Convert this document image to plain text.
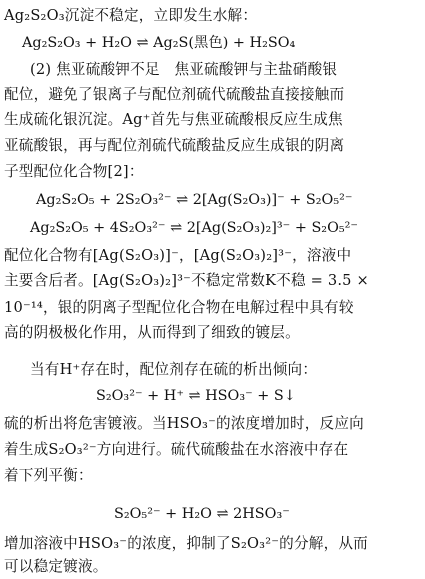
Ag₂S₂O₃沉淀不稳定，立即发生水解：
Ag₂S₂O₃ + H₂O ⇌ Ag₂S(黑色) + H₂SO₄
(2) 焦亚硫酸钾不足　焦亚硫酸钾与主盐硝酸银
配位，避免了银离子与配位剂硫代硫酸盐直接接触而
生成硫化银沉淀。Ag⁺首先与焦亚硫酸根反应生成焦
亚硫酸银，再与配位剂硫代硫酸盐反应生成银的阴离
子型配位化合物[2]：
Ag₂S₂O₅ + 2S₂O₃²⁻ ⇌ 2[Ag(S₂O₃)]⁻ + S₂O₅²⁻
Ag₂S₂O₅ + 4S₂O₃²⁻ ⇌ 2[Ag(S₂O₃)₂]³⁻ + S₂O₅²⁻
配位化合物有[Ag(S₂O₃)]⁻，[Ag(S₂O₃)₂]³⁻，溶液中
主要含后者。[Ag(S₂O₃)₂]³⁻不稳定常数K不稳 = 3.5 ×
10⁻¹⁴，银的阴离子型配位化合物在电解过程中具有较
高的阴极极化作用，从而得到了细致的镀层。
当有H⁺存在时，配位剂存在硫的析出倾向：
S₂O₃²⁻ + H⁺ ⇌ HSO₃⁻ + S↓
硫的析出将危害镀液。当HSO₃⁻的浓度增加时，反应向
着生成S₂O₃²⁻方向进行。硫代硫酸盐在水溶液中存在
着下列平衡：
S₂O₅²⁻ + H₂O ⇌ 2HSO₃⁻
增加溶液中HSO₃⁻的浓度，抑制了S₂O₃²⁻的分解，从而
可以稳定镀液。
